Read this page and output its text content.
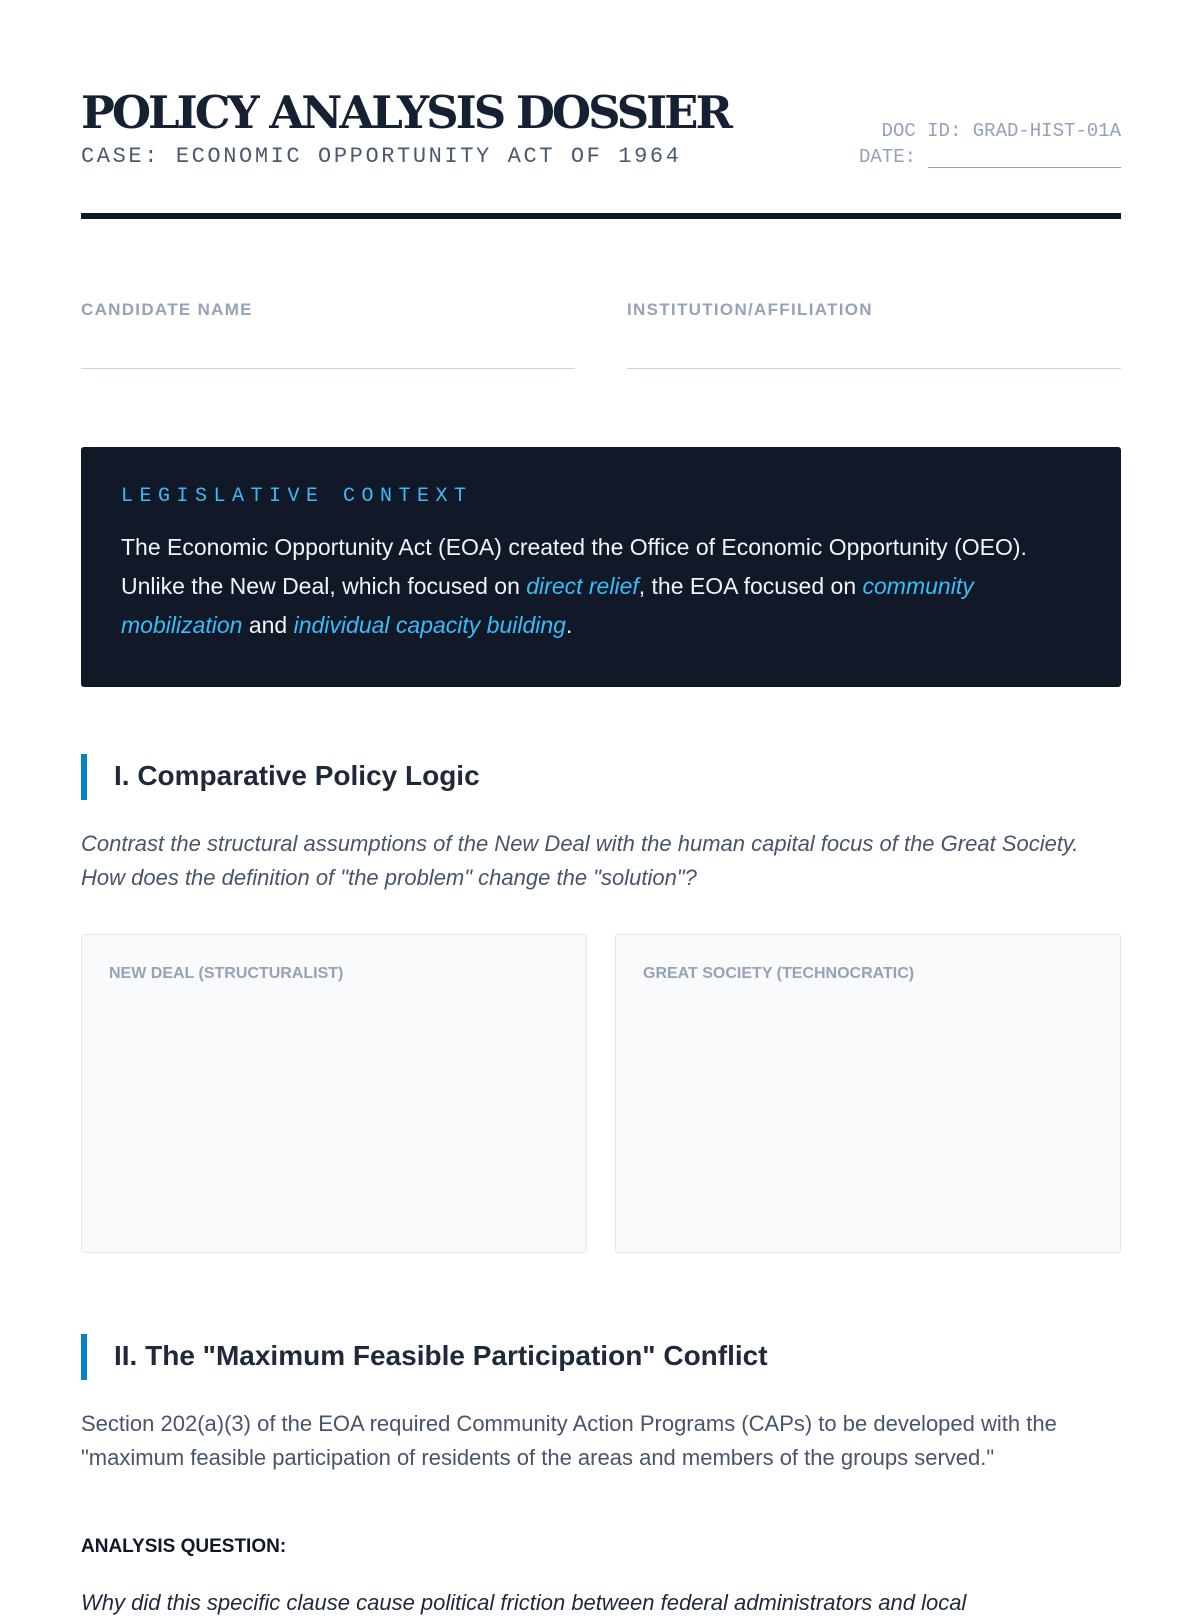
POLICY ANALYSIS DOSSIER
CASE: ECONOMIC OPPORTUNITY ACT OF 1964
DOC ID: GRAD-HIST-01A
DATE:
CANDIDATE NAME	INSTITUTION/AFFILIATION
LEGISLATIVE CONTEXT
The Economic Opportunity Act (EOA) created the Office of Economic Opportunity (OEO). Unlike the New Deal, which focused on direct relief, the EOA focused on community mobilization and individual capacity building.
I. Comparative Policy Logic
Contrast the structural assumptions of the New Deal with the human capital focus of the Great Society. How does the definition of "the problem" change the "solution"?
NEW DEAL (STRUCTURALIST)	GREAT SOCIETY (TECHNOCRATIC)
II. The "Maximum Feasible Participation" Conflict
Section 202(a)(3) of the EOA required Community Action Programs (CAPs) to be developed with the "maximum feasible participation of residents of the areas and members of the groups served."
ANALYSIS QUESTION:
Why did this specific clause cause political friction between federal administrators and local
